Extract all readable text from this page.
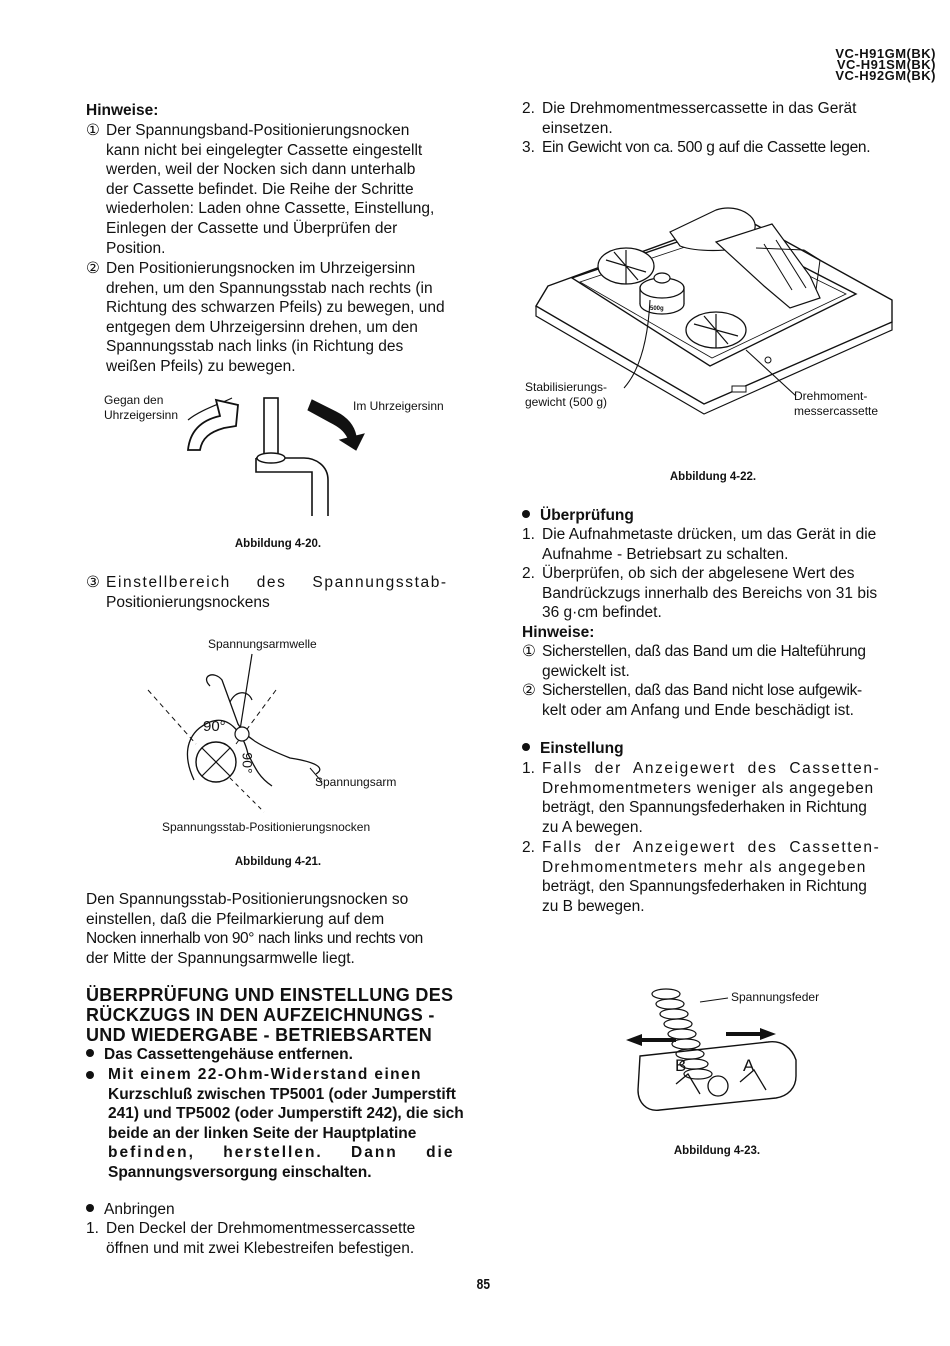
VC-H91GM(BK)
VC-H91SM(BK)
VC-H92GM(BK)
Hinweise:
① Der Spannungsband-Positionierungsnocken
kann nicht bei eingelegter Cassette eingestellt
werden, weil der Nocken sich dann unterhalb
der Cassette befindet. Die Reihe der Schritte
wiederholen: Laden ohne Cassette, Einstellung,
Einlegen der Cassette und Überprüfen der
Position.
② Den Positionierungsnocken im Uhrzeigersinn
drehen, um den Spannungsstab nach rechts (in
Richtung des schwarzen Pfeils) zu bewegen, und
entgegen dem Uhrzeigersinn drehen, um den
Spannungsstab nach links (in Richtung des
weißen Pfeils) zu bewegen.
Gegan den
Uhrzeigersinn
Im Uhrzeigersinn
Abbildung 4-20.
③ Einstellbereich des Spannungsstab-
Positionierungsnockens
Spannungsarmwelle
90°
90°
Spannungsarm
Spannungsstab-Positionierungsnocken
Abbildung 4-21.
Den Spannungsstab-Positionierungsnocken so
einstellen, daß die Pfeilmarkierung auf dem
Nocken innerhalb von 90° nach links und rechts von
der Mitte der Spannungsarmwelle liegt.
ÜBERPRÜFUNG UND EINSTELLUNG DES
RÜCKZUGS IN DEN AUFZEICHNUNGS -
UND WIEDERGABE - BETRIEBSARTEN
Das Cassettengehäuse entfernen.
Mit einem 22-Ohm-Widerstand einen
Kurzschluß zwischen TP5001 (oder Jumperstift
241) und TP5002 (oder Jumperstift 242), die sich
beide an der linken Seite der Hauptplatine
befinden, herstellen. Dann die
Spannungsversorgung einschalten.
Anbringen
1. Den Deckel der Drehmomentmessercassette
öffnen und mit zwei Klebestreifen befestigen.
2. Die Drehmomentmessercassette in das Gerät
einsetzen.
3. Ein Gewicht von ca. 500 g auf die Cassette legen.
500g
Stabilisierungs-
gewicht (500 g)	Drehmoment-
messercassette
Abbildung 4-22.
Überprüfung
1. Die Aufnahmetaste drücken, um das Gerät in die
Aufnahme - Betriebsart zu schalten.
2. Überprüfen, ob sich der abgelesene Wert des
Bandrückzugs innerhalb des Bereichs von 31 bis
36 g·cm befindet.
Hinweise:
① Sicherstellen, daß das Band um die Halteführung
gewickelt ist.
② Sicherstellen, daß das Band nicht lose aufgewik-
kelt oder am Anfang und Ende beschädigt ist.
Einstellung
1. Falls der Anzeigewert des Cassetten-
Drehmomentmeters weniger als angegeben
beträgt, den Spannungsfederhaken in Richtung
zu A bewegen.
2. Falls der Anzeigewert des Cassetten-
Drehmomentmeters mehr als angegeben
beträgt, den Spannungsfederhaken in Richtung
zu B bewegen.
Spannungsfeder
B	A
Abbildung 4-23.
85
